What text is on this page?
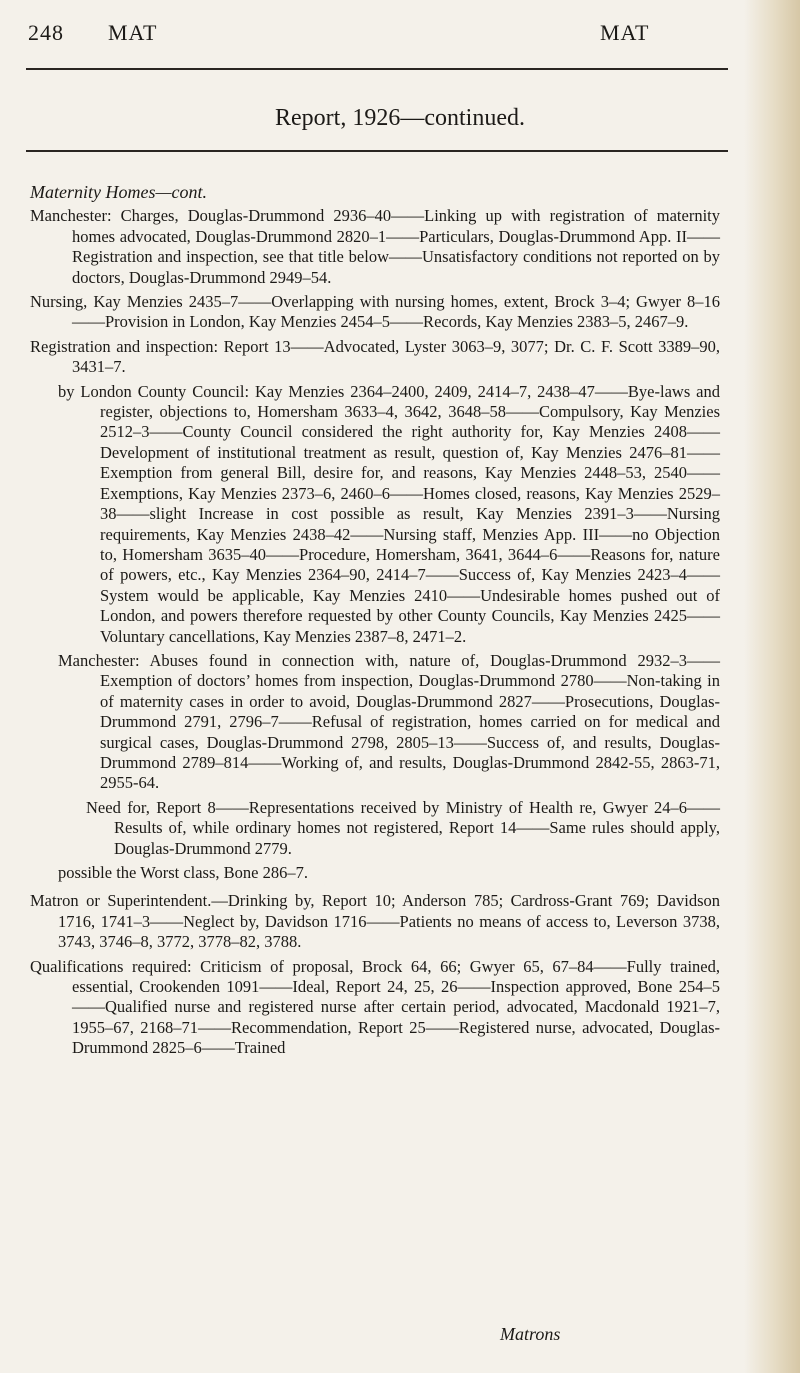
248 MAT	MAT
Report, 1926—continued.

Maternity Homes—cont.

Manchester: Charges, Douglas-Drummond 2936–40——Linking up with registration of maternity homes advocated, Douglas-Drummond 2820–1——Particulars, Douglas-Drummond App. II——Registration and inspection, see that title below——Unsatisfactory conditions not reported on by doctors, Douglas-Drummond 2949–54.

Nursing, Kay Menzies 2435–7——Overlapping with nursing homes, extent, Brock 3–4; Gwyer 8–16——Provision in London, Kay Menzies 2454–5——Records, Kay Menzies 2383–5, 2467–9.

Registration and inspection: Report 13——Advocated, Lyster 3063–9, 3077; Dr. C. F. Scott 3389–90, 3431–7.

by London County Council: Kay Menzies 2364–2400, 2409, 2414–7, 2438–47——Bye-laws and register, objections to, Homersham 3633–4, 3642, 3648–58——Compulsory, Kay Menzies 2512–3——County Council considered the right authority for, Kay Menzies 2408——Development of institutional treatment as result, question of, Kay Menzies 2476–81——Exemption from general Bill, desire for, and reasons, Kay Menzies 2448–53, 2540——Exemptions, Kay Menzies 2373–6, 2460–6——Homes closed, reasons, Kay Menzies 2529–38——slight Increase in cost possible as result, Kay Menzies 2391–3——Nursing requirements, Kay Menzies 2438–42——Nursing staff, Menzies App. III——no Objection to, Homersham 3635–40——Procedure, Homersham, 3641, 3644–6——Reasons for, nature of powers, etc., Kay Menzies 2364–90, 2414–7——Success of, Kay Menzies 2423–4——System would be applicable, Kay Menzies 2410——Undesirable homes pushed out of London, and powers therefore requested by other County Councils, Kay Menzies 2425——Voluntary cancellations, Kay Menzies 2387–8, 2471–2.

Manchester: Abuses found in connection with, nature of, Douglas-Drummond 2932–3——Exemption of doctors’ homes from inspection, Douglas-Drummond 2780——Non-taking in of maternity cases in order to avoid, Douglas-Drummond 2827——Prosecutions, Douglas-Drummond 2791, 2796–7——Refusal of registration, homes carried on for medical and surgical cases, Douglas-Drummond 2798, 2805–13——Success of, and results, Douglas-Drummond 2789–814——Working of, and results, Douglas-Drummond 2842-55, 2863-71, 2955-64.

Need for, Report 8——Representations received by Ministry of Health re, Gwyer 24–6——Results of, while ordinary homes not registered, Report 14——Same rules should apply, Douglas-Drummond 2779.

possible the Worst class, Bone 286–7.

Matron or Superintendent.—Drinking by, Report 10; Anderson 785; Cardross-Grant 769; Davidson 1716, 1741–3——Neglect by, Davidson 1716——Patients no means of access to, Leverson 3738, 3743, 3746–8, 3772, 3778–82, 3788.

Qualifications required: Criticism of proposal, Brock 64, 66; Gwyer 65, 67–84——Fully trained, essential, Crookenden 1091——Ideal, Report 24, 25, 26——Inspection approved, Bone 254–5——Qualified nurse and registered nurse after certain period, advocated, Macdonald 1921–7, 1955–67, 2168–71——Recommendation, Report 25——Registered nurse, advocated, Douglas-Drummond 2825–6——Trained

Matrons
